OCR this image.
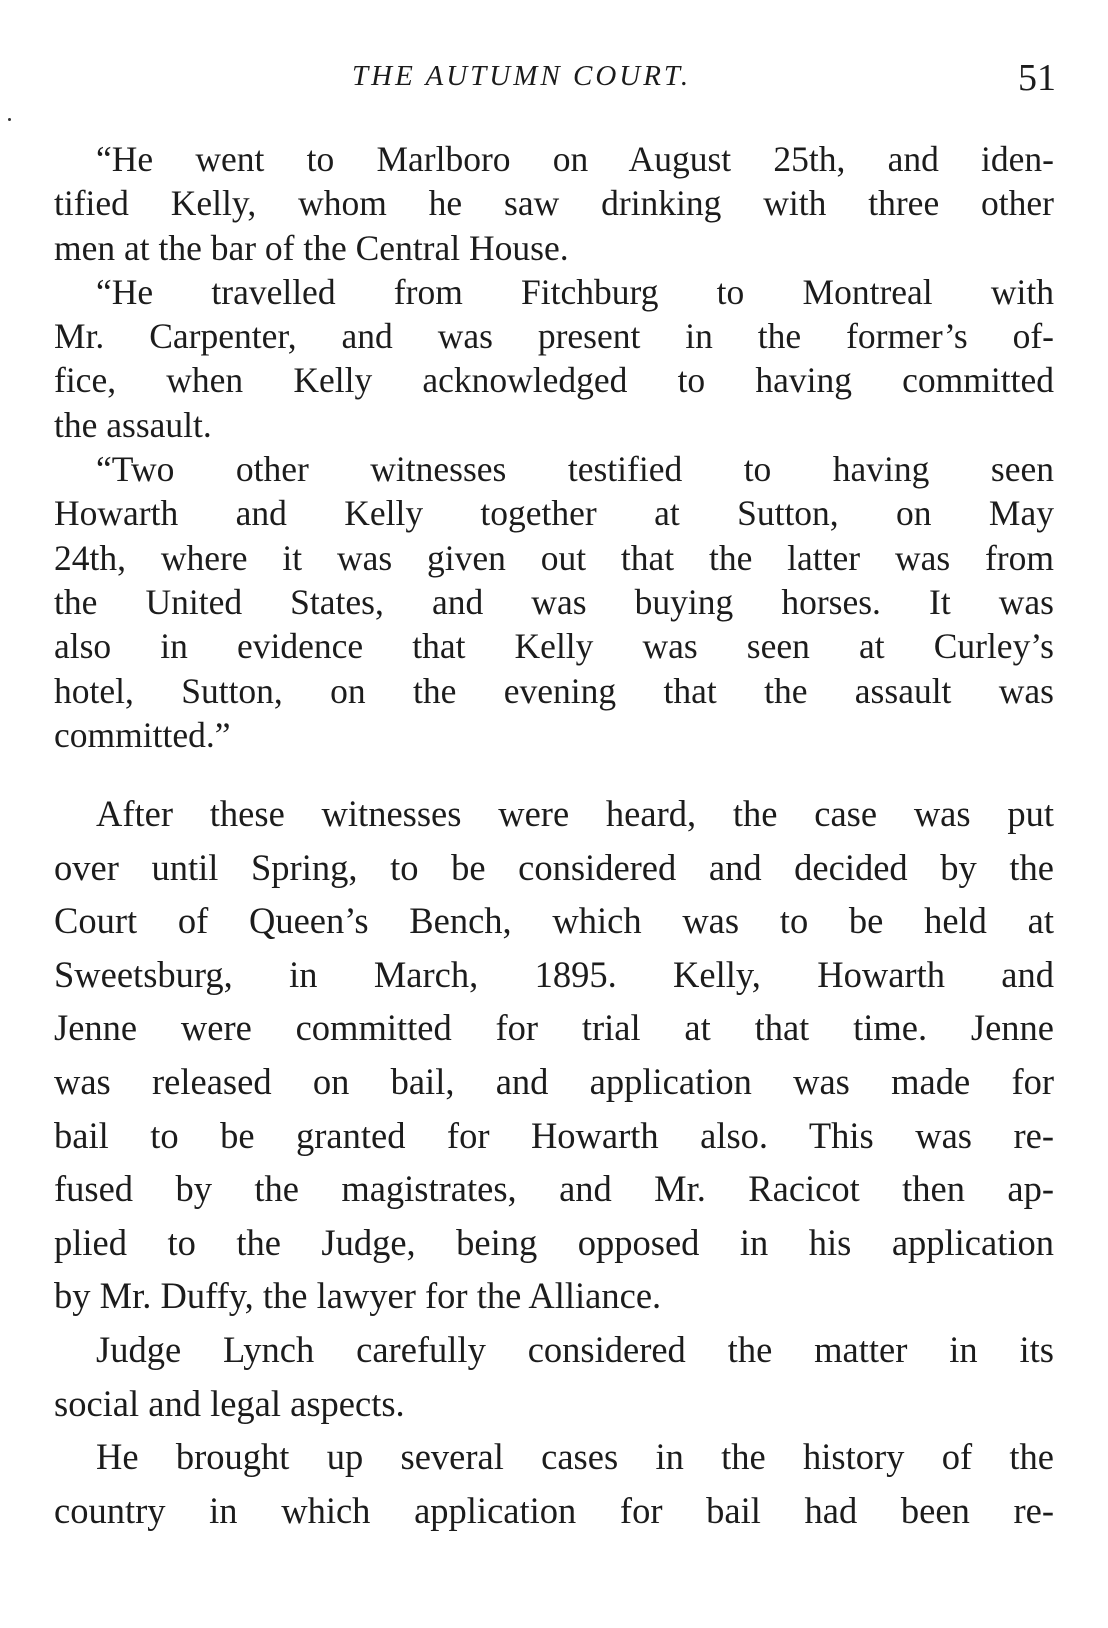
THE AUTUMN COURT.	51
“He went to Marlboro on August 25th, and iden-
tified Kelly, whom he saw drinking with three other
men at the bar of the Central House.
“He travelled from Fitchburg to Montreal with
Mr. Carpenter, and was present in the former’s of-
fice, when Kelly acknowledged to having committed
the assault.
“Two other witnesses testified to having seen
Howarth and Kelly together at Sutton, on May
24th, where it was given out that the latter was from
the United States, and was buying horses. It was
also in evidence that Kelly was seen at Curley’s
hotel, Sutton, on the evening that the assault was
committed.”
After these witnesses were heard, the case was put
over until Spring, to be considered and decided by the
Court of Queen’s Bench, which was to be held at
Sweetsburg, in March, 1895. Kelly, Howarth and
Jenne were committed for trial at that time. Jenne
was released on bail, and application was made for
bail to be granted for Howarth also. This was re-
fused by the magistrates, and Mr. Racicot then ap-
plied to the Judge, being opposed in his application
by Mr. Duffy, the lawyer for the Alliance.
Judge Lynch carefully considered the matter in its
social and legal aspects.
He brought up several cases in the history of the
country in which application for bail had been re-
